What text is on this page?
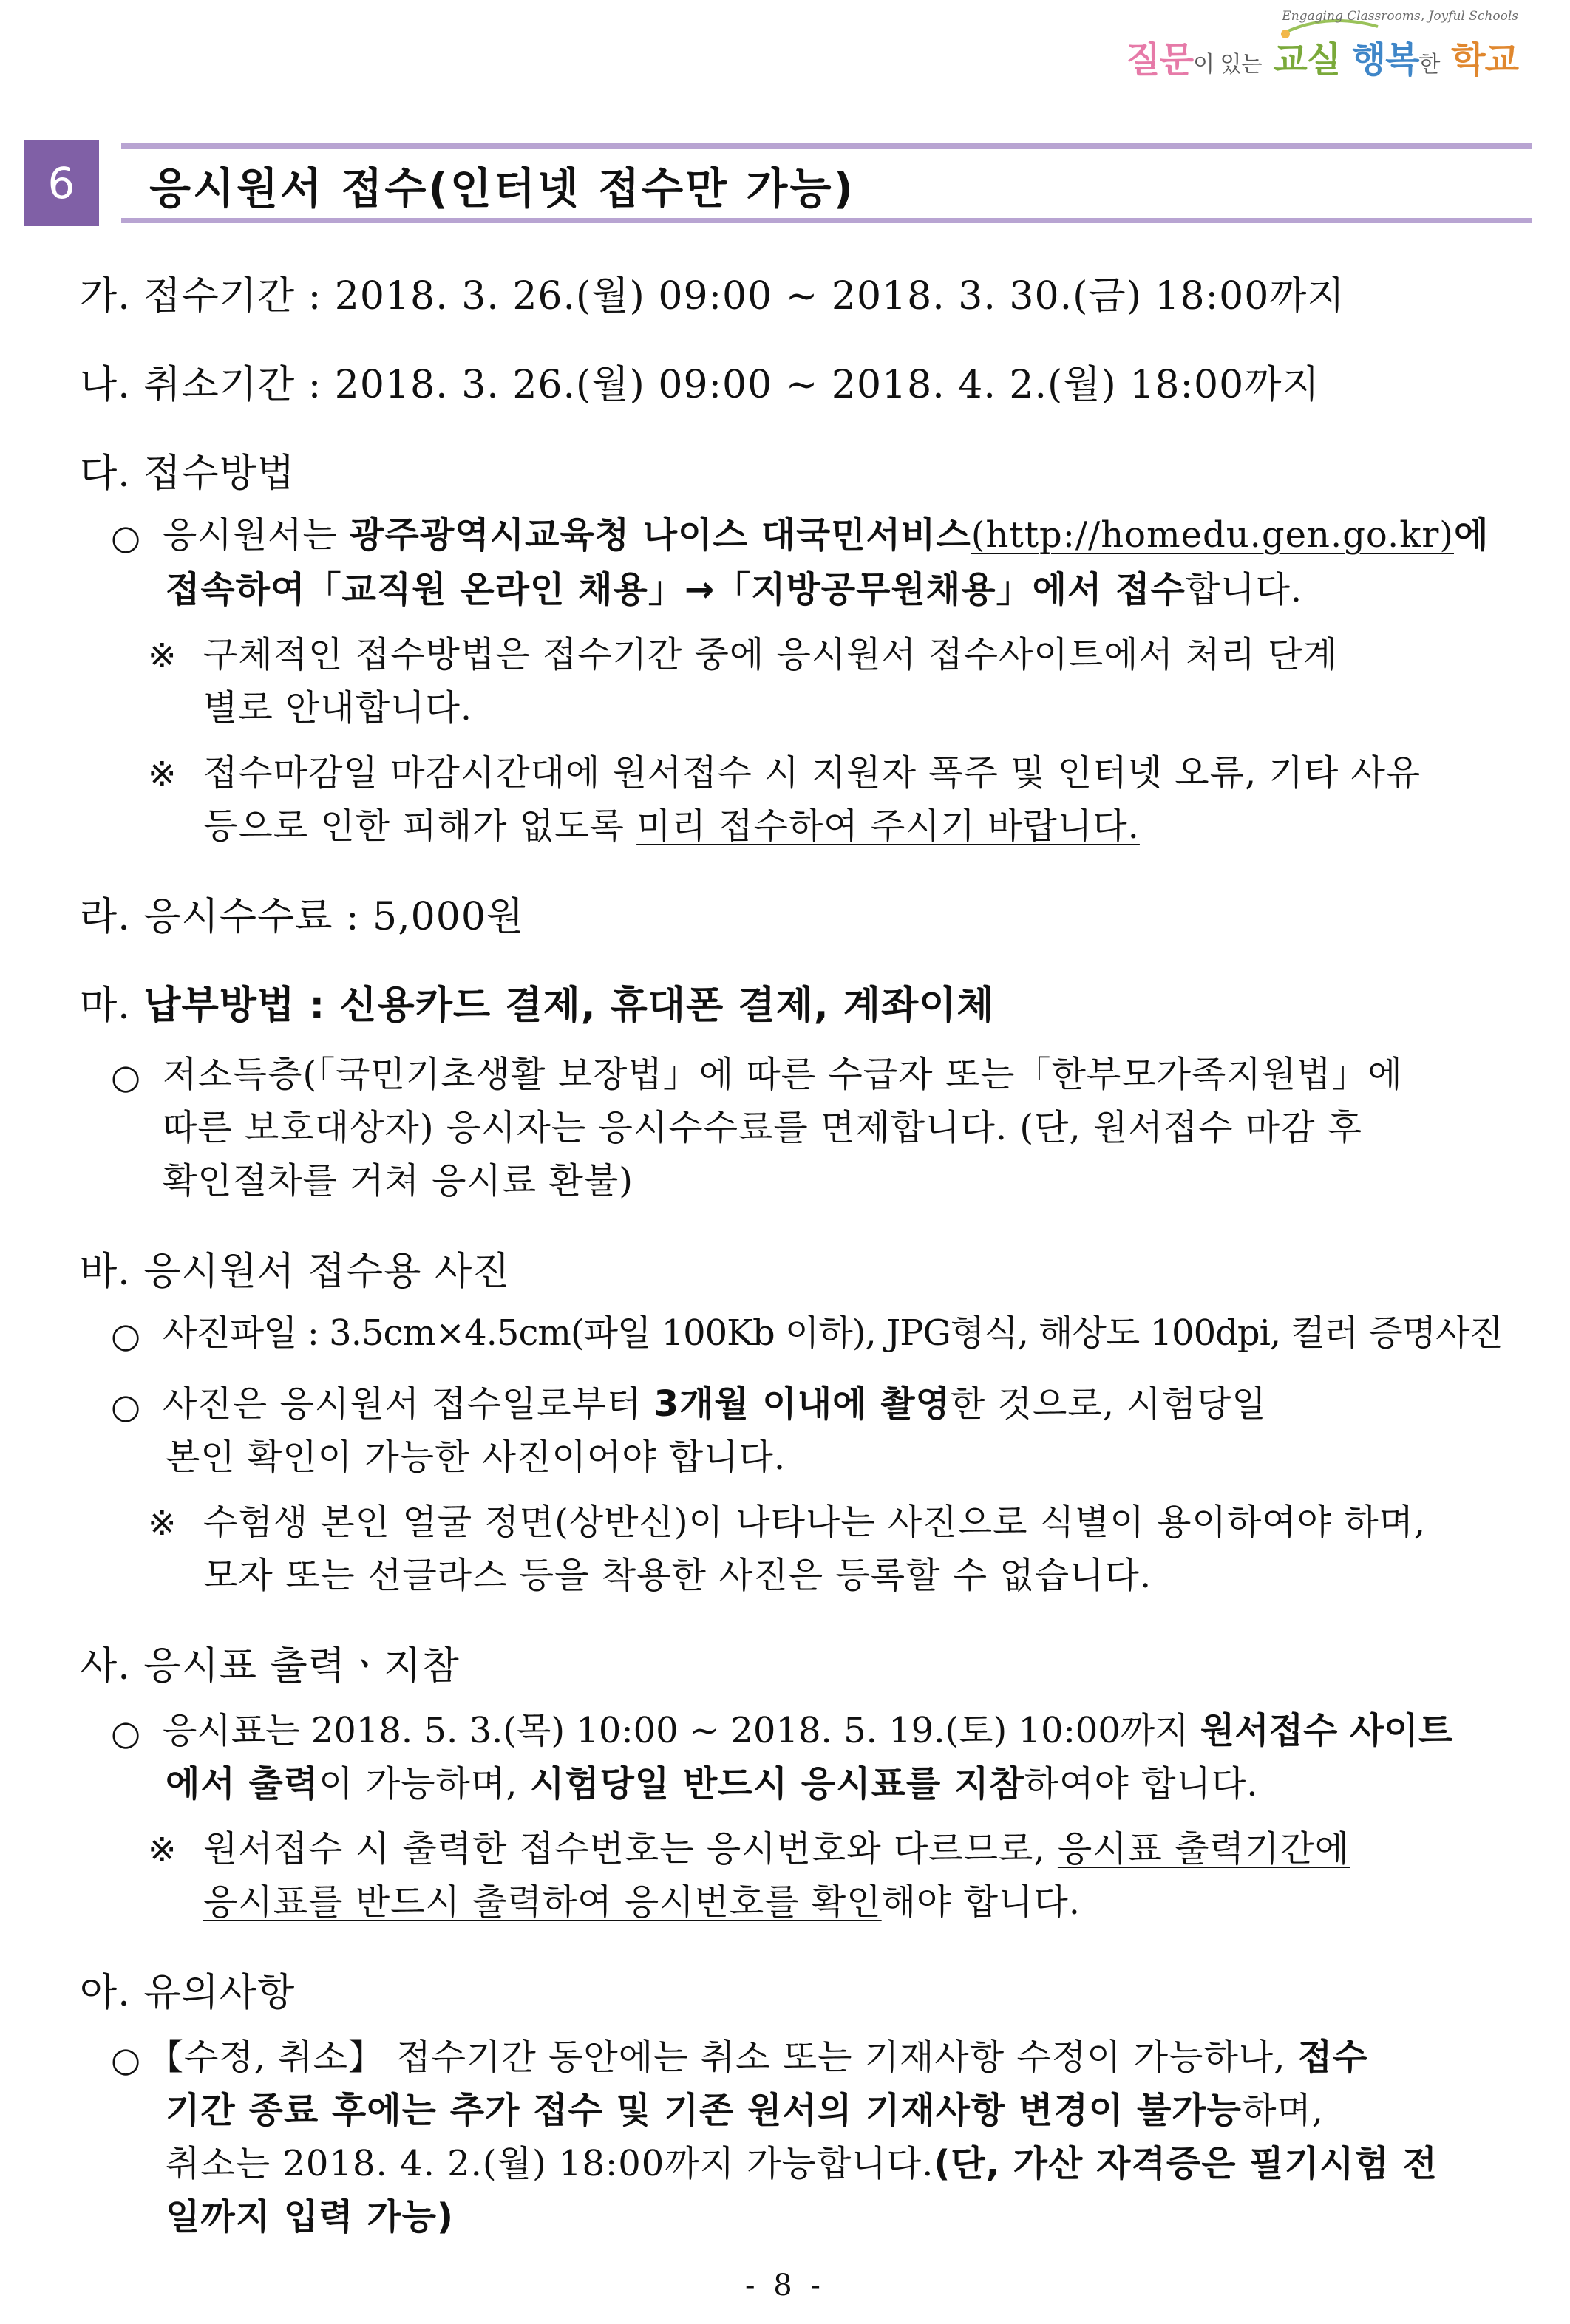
Engaging Classrooms, Joyful Schools
질문이 있는 교실 행복한 학교
6	응시원서 접수(인터넷 접수만 가능)
가. 접수기간 : 2018. 3. 26.(월) 09:00 ~ 2018. 3. 30.(금) 18:00까지
나. 취소기간 : 2018. 3. 26.(월) 09:00 ~ 2018. 4. 2.(월) 18:00까지
다. 접수방법
○ 응시원서는 광주광역시교육청 나이스 대국민서비스(http://homedu.gen.go.kr)에
접속하여「교직원 온라인 채용」→「지방공무원채용」에서 접수합니다.
※ 구체적인 접수방법은 접수기간 중에 응시원서 접수사이트에서 처리 단계
별로 안내합니다.
※ 접수마감일 마감시간대에 원서접수 시 지원자 폭주 및 인터넷 오류, 기타 사유
등으로 인한 피해가 없도록 미리 접수하여 주시기 바랍니다.
라. 응시수수료 : 5,000원
마. 납부방법 : 신용카드 결제, 휴대폰 결제, 계좌이체
○ 저소득층(「국민기초생활 보장법」에 따른 수급자 또는「한부모가족지원법」에
따른 보호대상자) 응시자는 응시수수료를 면제합니다. (단, 원서접수 마감 후
확인절차를 거쳐 응시료 환불)
바. 응시원서 접수용 사진
○ 사진파일 : 3.5cm×4.5cm(파일 100Kb 이하), JPG형식, 해상도 100dpi, 컬러 증명사진
○ 사진은 응시원서 접수일로부터 3개월 이내에 촬영한 것으로, 시험당일
본인 확인이 가능한 사진이어야 합니다.
※ 수험생 본인 얼굴 정면(상반신)이 나타나는 사진으로 식별이 용이하여야 하며,
모자 또는 선글라스 등을 착용한 사진은 등록할 수 없습니다.
사. 응시표 출력ㆍ지참
○ 응시표는 2018. 5. 3.(목) 10:00 ~ 2018. 5. 19.(토) 10:00까지 원서접수 사이트
에서 출력이 가능하며, 시험당일 반드시 응시표를 지참하여야 합니다.
※ 원서접수 시 출력한 접수번호는 응시번호와 다르므로, 응시표 출력기간에
응시표를 반드시 출력하여 응시번호를 확인해야 합니다.
아. 유의사항
○ 【수정, 취소】 접수기간 동안에는 취소 또는 기재사항 수정이 가능하나, 접수
기간 종료 후에는 추가 접수 및 기존 원서의 기재사항 변경이 불가능하며,
취소는 2018. 4. 2.(월) 18:00까지 가능합니다.(단, 가산 자격증은 필기시험 전
일까지 입력 가능)
- 8 -
